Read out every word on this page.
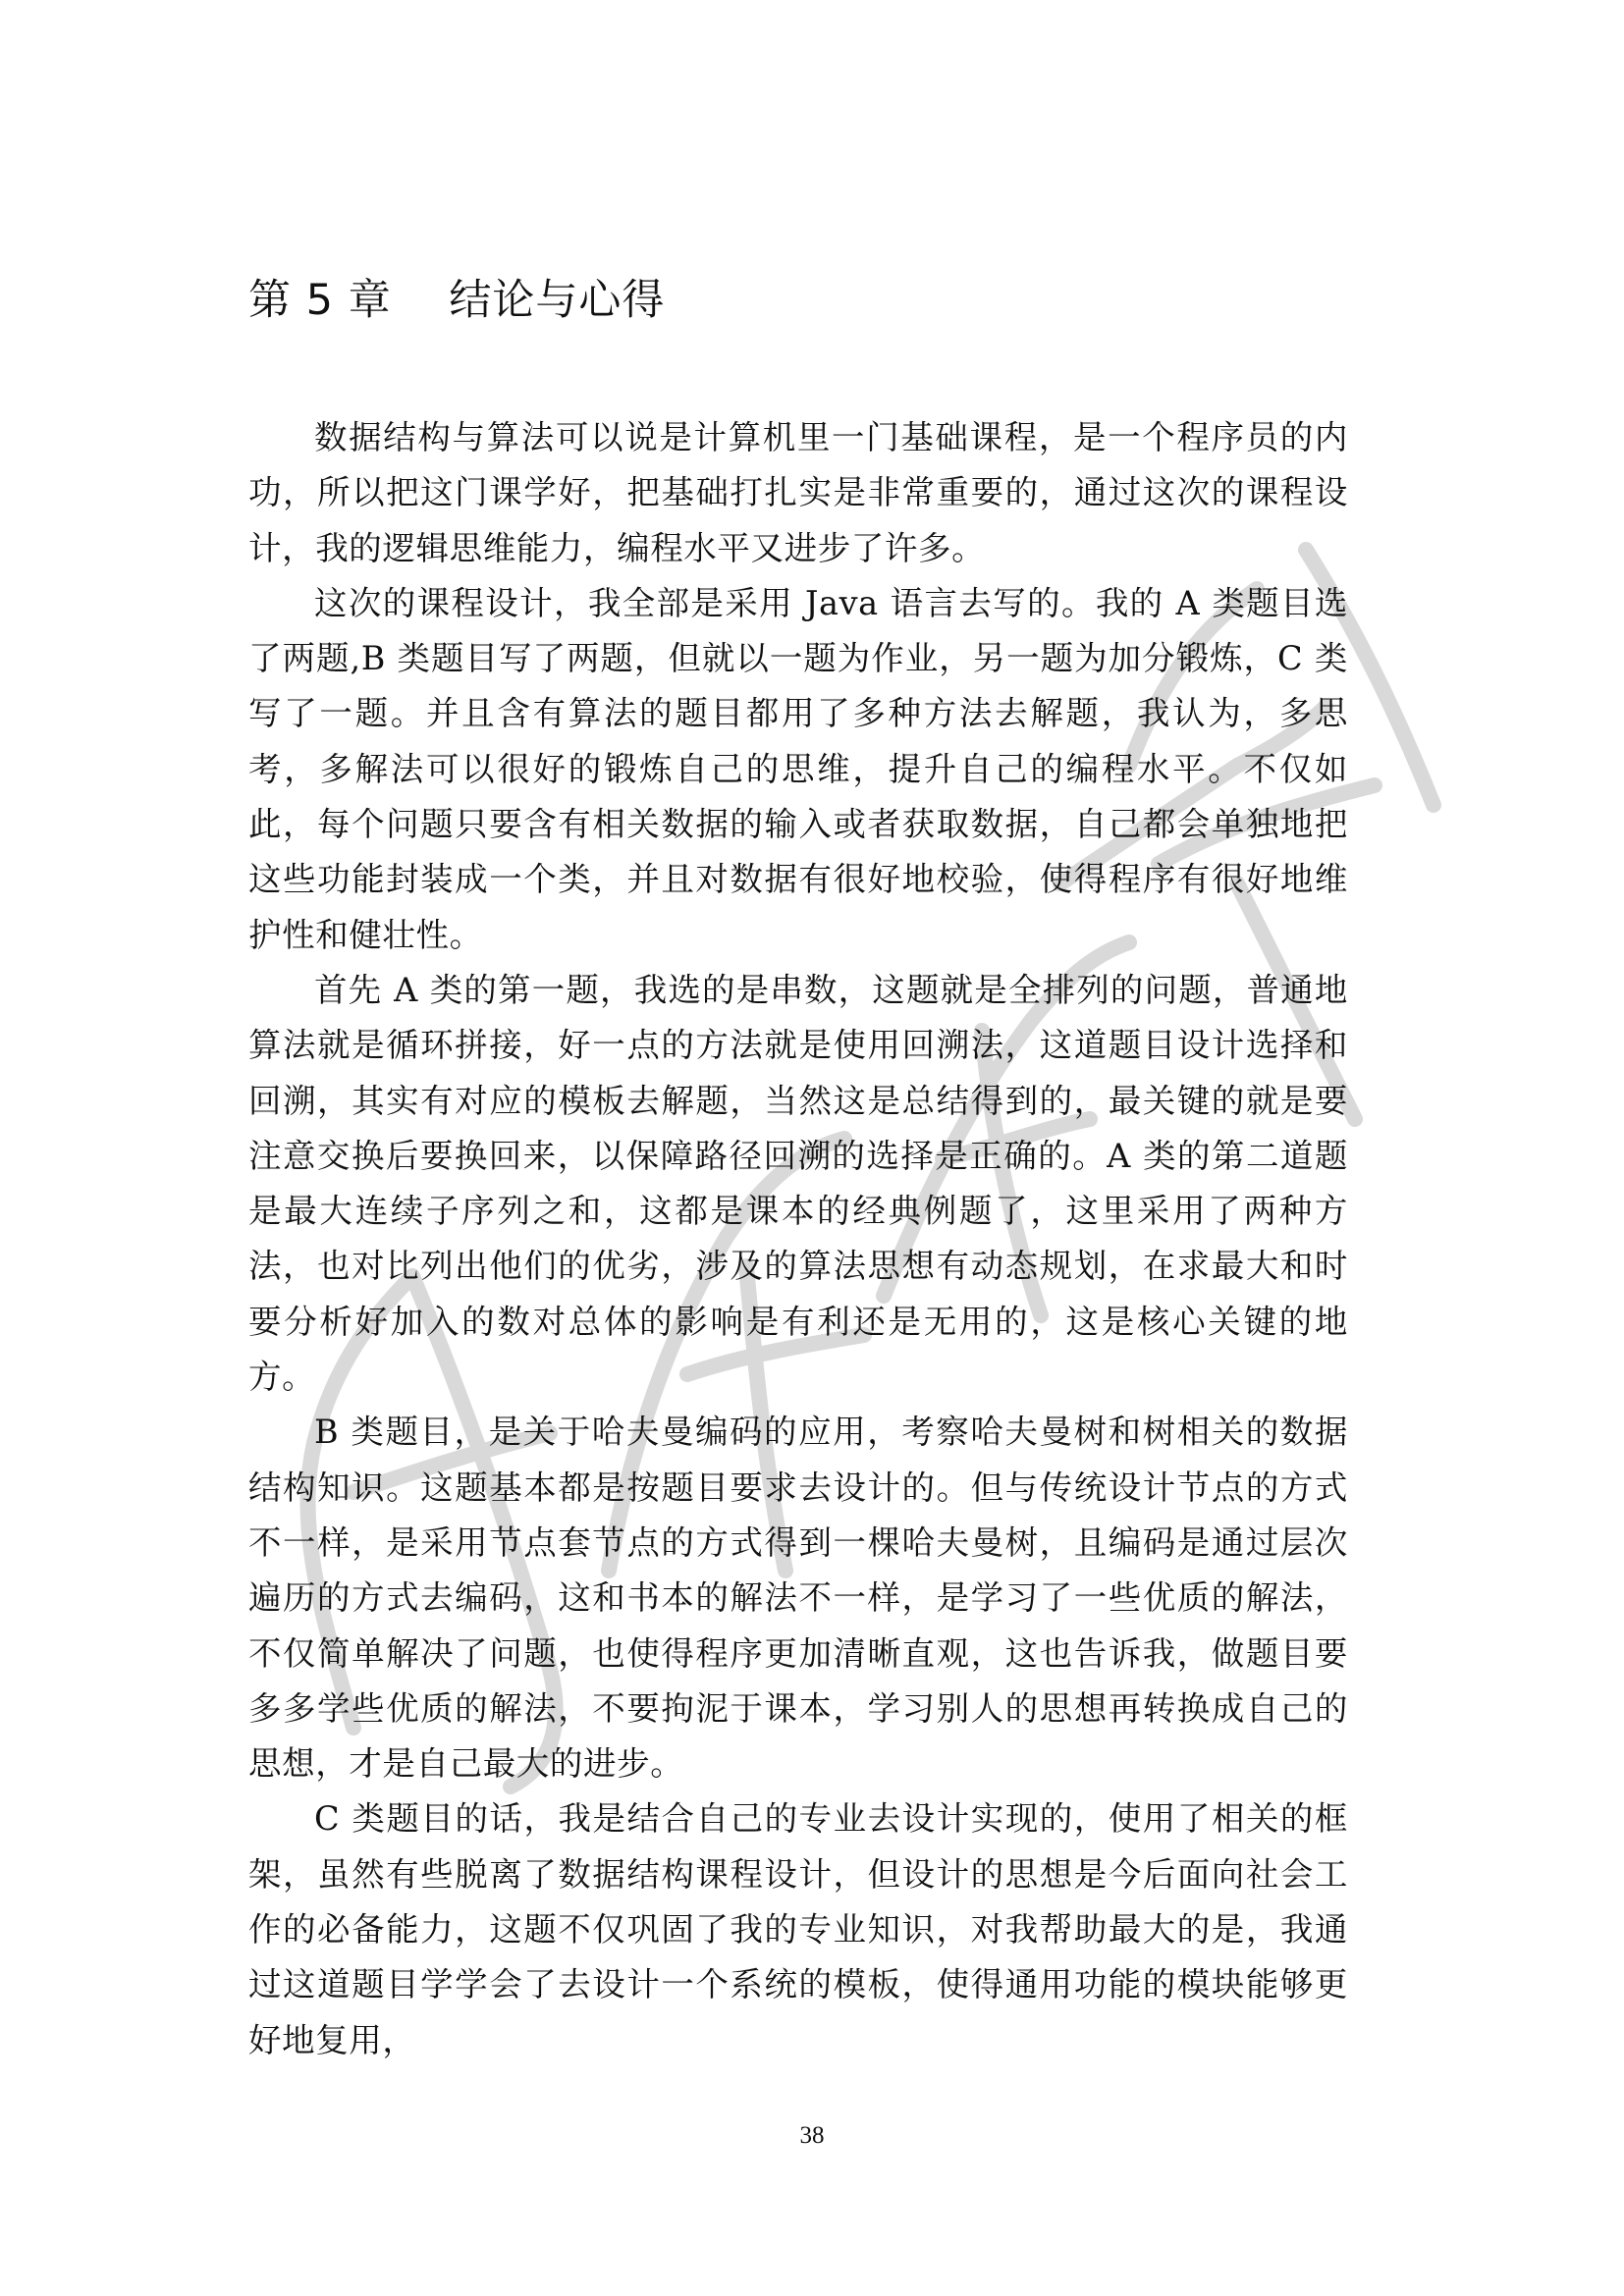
第 5 章    结论与心得

数据结构与算法可以说是计算机里一门基础课程，是一个程序员的内功，所以把这门课学好，把基础打扎实是非常重要的，通过这次的课程设计，我的逻辑思维能力，编程水平又进步了许多。

这次的课程设计，我全部是采用 Java 语言去写的。我的 A 类题目选了两题,B 类题目写了两题，但就以一题为作业，另一题为加分锻炼，C 类写了一题。并且含有算法的题目都用了多种方法去解题，我认为，多思考，多解法可以很好的锻炼自己的思维，提升自己的编程水平。不仅如此，每个问题只要含有相关数据的输入或者获取数据，自己都会单独地把这些功能封装成一个类，并且对数据有很好地校验，使得程序有很好地维护性和健壮性。

首先 A 类的第一题，我选的是串数，这题就是全排列的问题，普通地算法就是循环拼接，好一点的方法就是使用回溯法，这道题目设计选择和回溯，其实有对应的模板去解题，当然这是总结得到的，最关键的就是要注意交换后要换回来，以保障路径回溯的选择是正确的。A 类的第二道题是最大连续子序列之和，这都是课本的经典例题了，这里采用了两种方法，也对比列出他们的优劣，涉及的算法思想有动态规划，在求最大和时要分析好加入的数对总体的影响是有利还是无用的，这是核心关键的地方。

B 类题目，是关于哈夫曼编码的应用，考察哈夫曼树和树相关的数据结构知识。这题基本都是按题目要求去设计的。但与传统设计节点的方式不一样，是采用节点套节点的方式得到一棵哈夫曼树，且编码是通过层次遍历的方式去编码，这和书本的解法不一样，是学习了一些优质的解法，不仅简单解决了问题，也使得程序更加清晰直观，这也告诉我，做题目要多多学些优质的解法，不要拘泥于课本，学习别人的思想再转换成自己的思想，才是自己最大的进步。

C 类题目的话，我是结合自己的专业去设计实现的，使用了相关的框架，虽然有些脱离了数据结构课程设计，但设计的思想是今后面向社会工作的必备能力，这题不仅巩固了我的专业知识，对我帮助最大的是，我通过这道题目学学会了去设计一个系统的模板，使得通用功能的模块能够更好地复用，

38
